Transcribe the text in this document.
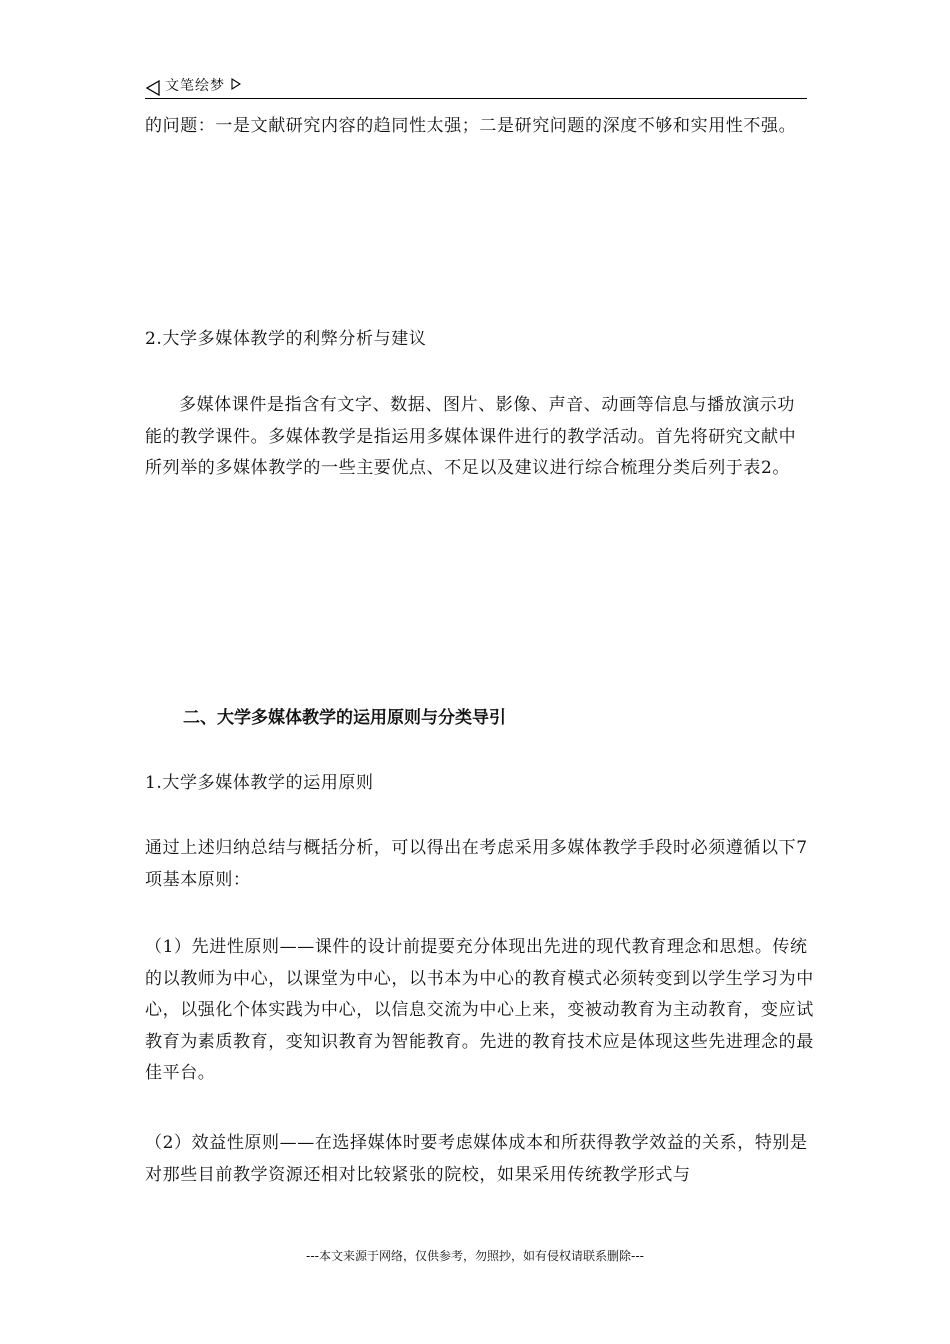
文笔绘梦

的问题：一是文献研究内容的趋同性太强；二是研究问题的深度不够和实用性不强。

2.大学多媒体教学的利弊分析与建议

多媒体课件是指含有文字、数据、图片、影像、声音、动画等信息与播放演示功能的教学课件。多媒体教学是指运用多媒体课件进行的教学活动。首先将研究文献中所列举的多媒体教学的一些主要优点、不足以及建议进行综合梳理分类后列于表2。

二、大学多媒体教学的运用原则与分类导引

1.大学多媒体教学的运用原则

通过上述归纳总结与概括分析，可以得出在考虑采用多媒体教学手段时必须遵循以下7项基本原则：

（1）先进性原则——课件的设计前提要充分体现出先进的现代教育理念和思想。传统的以教师为中心，以课堂为中心，以书本为中心的教育模式必须转变到以学生学习为中心，以强化个体实践为中心，以信息交流为中心上来，变被动教育为主动教育，变应试教育为素质教育，变知识教育为智能教育。先进的教育技术应是体现这些先进理念的最佳平台。

（2）效益性原则——在选择媒体时要考虑媒体成本和所获得教学效益的关系，特别是对那些目前教学资源还相对比较紧张的院校，如果采用传统教学形式与

---本文来源于网络，仅供参考，勿照抄，如有侵权请联系删除---
